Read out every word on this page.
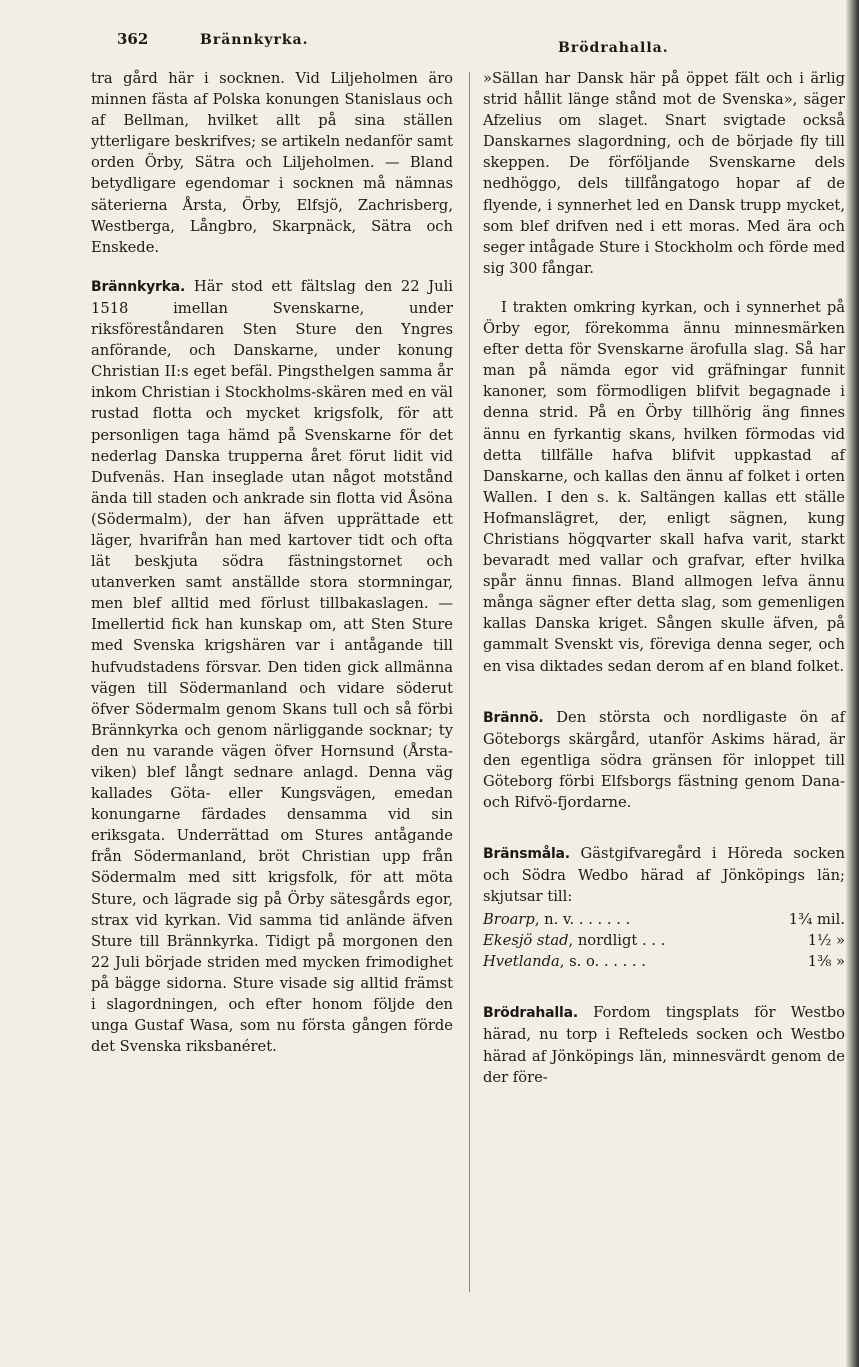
362	Brännkyrka.	Brödrahalla.

tra gård här i socknen. Vid Liljeholmen äro minnen fästa af Polska konungen Stanislaus och af Bellman, hvilket allt på sina ställen ytterligare beskrifves; se artikeln nedanför samt orden Örby, Sätra och Liljeholmen. — Bland betydligare egendomar i socknen må nämnas säterierna Årsta, Örby, Elfsjö, Zachrisberg, Westberga, Långbro, Skarpnäck, Sätra och Enskede.

Brännkyrka. Här stod ett fältslag den 22 Juli 1518 imellan Svenskarne, under riksföreståndaren Sten Sture den Yngres anförande, och Danskarne, under konung Christian II:s eget befäl. Pingsthelgen samma år inkom Christian i Stockholms-skären med en väl rustad flotta och mycket krigsfolk, för att personligen taga hämd på Svenskarne för det nederlag Danska trupperna året förut lidit vid Dufvenäs. Han inseglade utan något motstånd ända till staden och ankrade sin flotta vid Åsöna (Södermalm), der han äfven upprättade ett läger, hvarifrån han med kartover tidt och ofta lät beskjuta södra fästningstornet och utanverken samt anställde stora stormningar, men blef alltid med förlust tillbakaslagen. — Imellertid fick han kunskap om, att Sten Sture med Svenska krigshären var i antågande till hufvudstadens försvar. Den tiden gick allmänna vägen till Södermanland och vidare söderut öfver Södermalm genom Skans tull och så förbi Brännkyrka och genom närliggande socknar; ty den nu varande vägen öfver Hornsund (Årsta-viken) blef långt sednare anlagd. Denna väg kallades Göta- eller Kungsvägen, emedan konungarne färdades densamma vid sin eriksgata. Underrättad om Stures antågande från Södermanland, bröt Christian upp från Södermalm med sitt krigsfolk, för att möta Sture, och lägrade sig på Örby sätesgårds egor, strax vid kyrkan. Vid samma tid anlände äfven Sture till Brännkyrka. Tidigt på morgonen den 22 Juli började striden med mycken frimodighet på bägge sidorna. Sture visade sig alltid främst i slagordningen, och efter honom följde den unga Gustaf Wasa, som nu första gången förde det Svenska riksbanéret.

»Sällan har Dansk här på öppet fält och i ärlig strid hållit länge stånd mot de Svenska», säger Afzelius om slaget. Snart svigtade också Danskarnes slagordning, och de började fly till skeppen. De förföljande Svenskarne dels nedhöggo, dels tillfångatogo hopar af de flyende, i synnerhet led en Dansk trupp mycket, som blef drifven ned i ett moras. Med ära och seger intågade Sture i Stockholm och förde med sig 300 fångar.

I trakten omkring kyrkan, och i synnerhet på Örby egor, förekomma ännu minnesmärken efter detta för Svenskarne ärofulla slag. Så har man på nämda egor vid gräfningar funnit kanoner, som förmodligen blifvit begagnade i denna strid. På en Örby tillhörig äng finnes ännu en fyrkantig skans, hvilken förmodas vid detta tillfälle hafva blifvit uppkastad af Danskarne, och kallas den ännu af folket i orten Wallen. I den s. k. Saltängen kallas ett ställe Hofmanslägret, der, enligt sägnen, kung Christians högqvarter skall hafva varit, starkt bevaradt med vallar och grafvar, efter hvilka spår ännu finnas. Bland allmogen lefva ännu många sägner efter detta slag, som gemenligen kallas Danska kriget. Sången skulle äfven, på gammalt Svenskt vis, föreviga denna seger, och en visa diktades sedan derom af en bland folket.

Brännö. Den största och nordligaste ön af Göteborgs skärgård, utanför Askims härad, är den egentliga södra gränsen för inloppet till Göteborg förbi Elfsborgs fästning genom Dana- och Rifvö-fjordarne.

Bränsmåla. Gästgifvaregård i Höreda socken och Södra Wedbo härad af Jönköpings län; skjutsar till:

Broarp, n. v. . . . . . .	1¾ mil.
Ekesjö stad, nordligt . . .	1½ »
Hvetlanda, s. o. . . . . .	1⅜ »

Brödrahalla. Fordom tingsplats för Westbo härad, nu torp i Refteleds socken och Westbo härad af Jönköpings län, minnesvärdt genom de der före-
